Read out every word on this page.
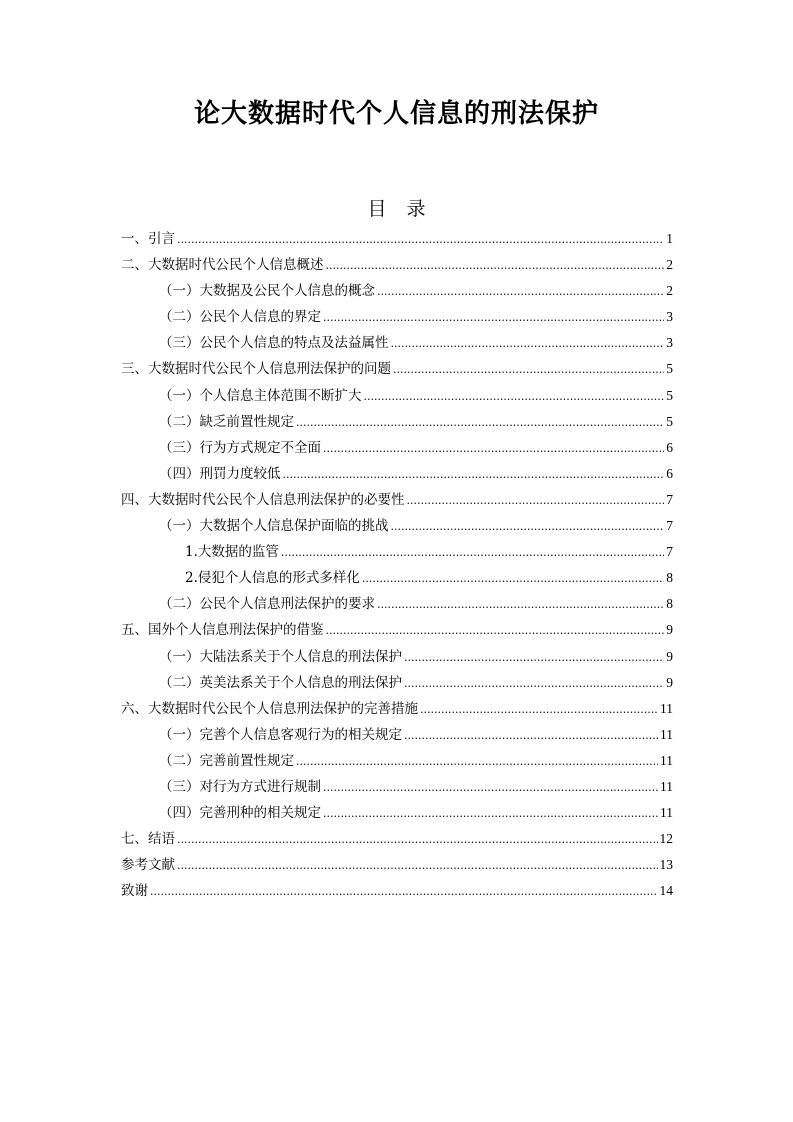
论大数据时代个人信息的刑法保护
目 录
一、 引言 .....	1
二、 大数据时代公民个人信息概述 .....	2
（一） 大数据及公民个人信息的概念 .....	2
（二） 公民个人信息的界定 .....	3
（三） 公民个人信息的特点及法益属性 .....	3
三、 大数据时代公民个人信息刑法保护的问题 .....	5
（一） 个人信息主体范围不断扩大 .....	5
（二） 缺乏前置性规定 .....	5
（三） 行为方式规定不全面 .....	6
（四） 刑罚力度较低 .....	6
四、 大数据时代公民个人信息刑法保护的必要性 .....	7
（一） 大数据个人信息保护面临的挑战 .....	7
1. 大数据的监管 .....	7
2. 侵犯个人信息的形式多样化 .....	8
（二） 公民个人信息刑法保护的要求 .....	8
五、 国外个人信息刑法保护的借鉴 .....	9
（一） 大陆法系关于个人信息的刑法保护 .....	9
（二） 英美法系关于个人信息的刑法保护 .....	9
六、 大数据时代公民个人信息刑法保护的完善措施 .....	11
（一） 完善个人信息客观行为的相关规定 .....	11
（二） 完善前置性规定 .....	11
（三） 对行为方式进行规制 .....	11
（四） 完善刑种的相关规定 .....	11
七、 结语 .....	12
参考文献 .....	13
致谢 .....	14
